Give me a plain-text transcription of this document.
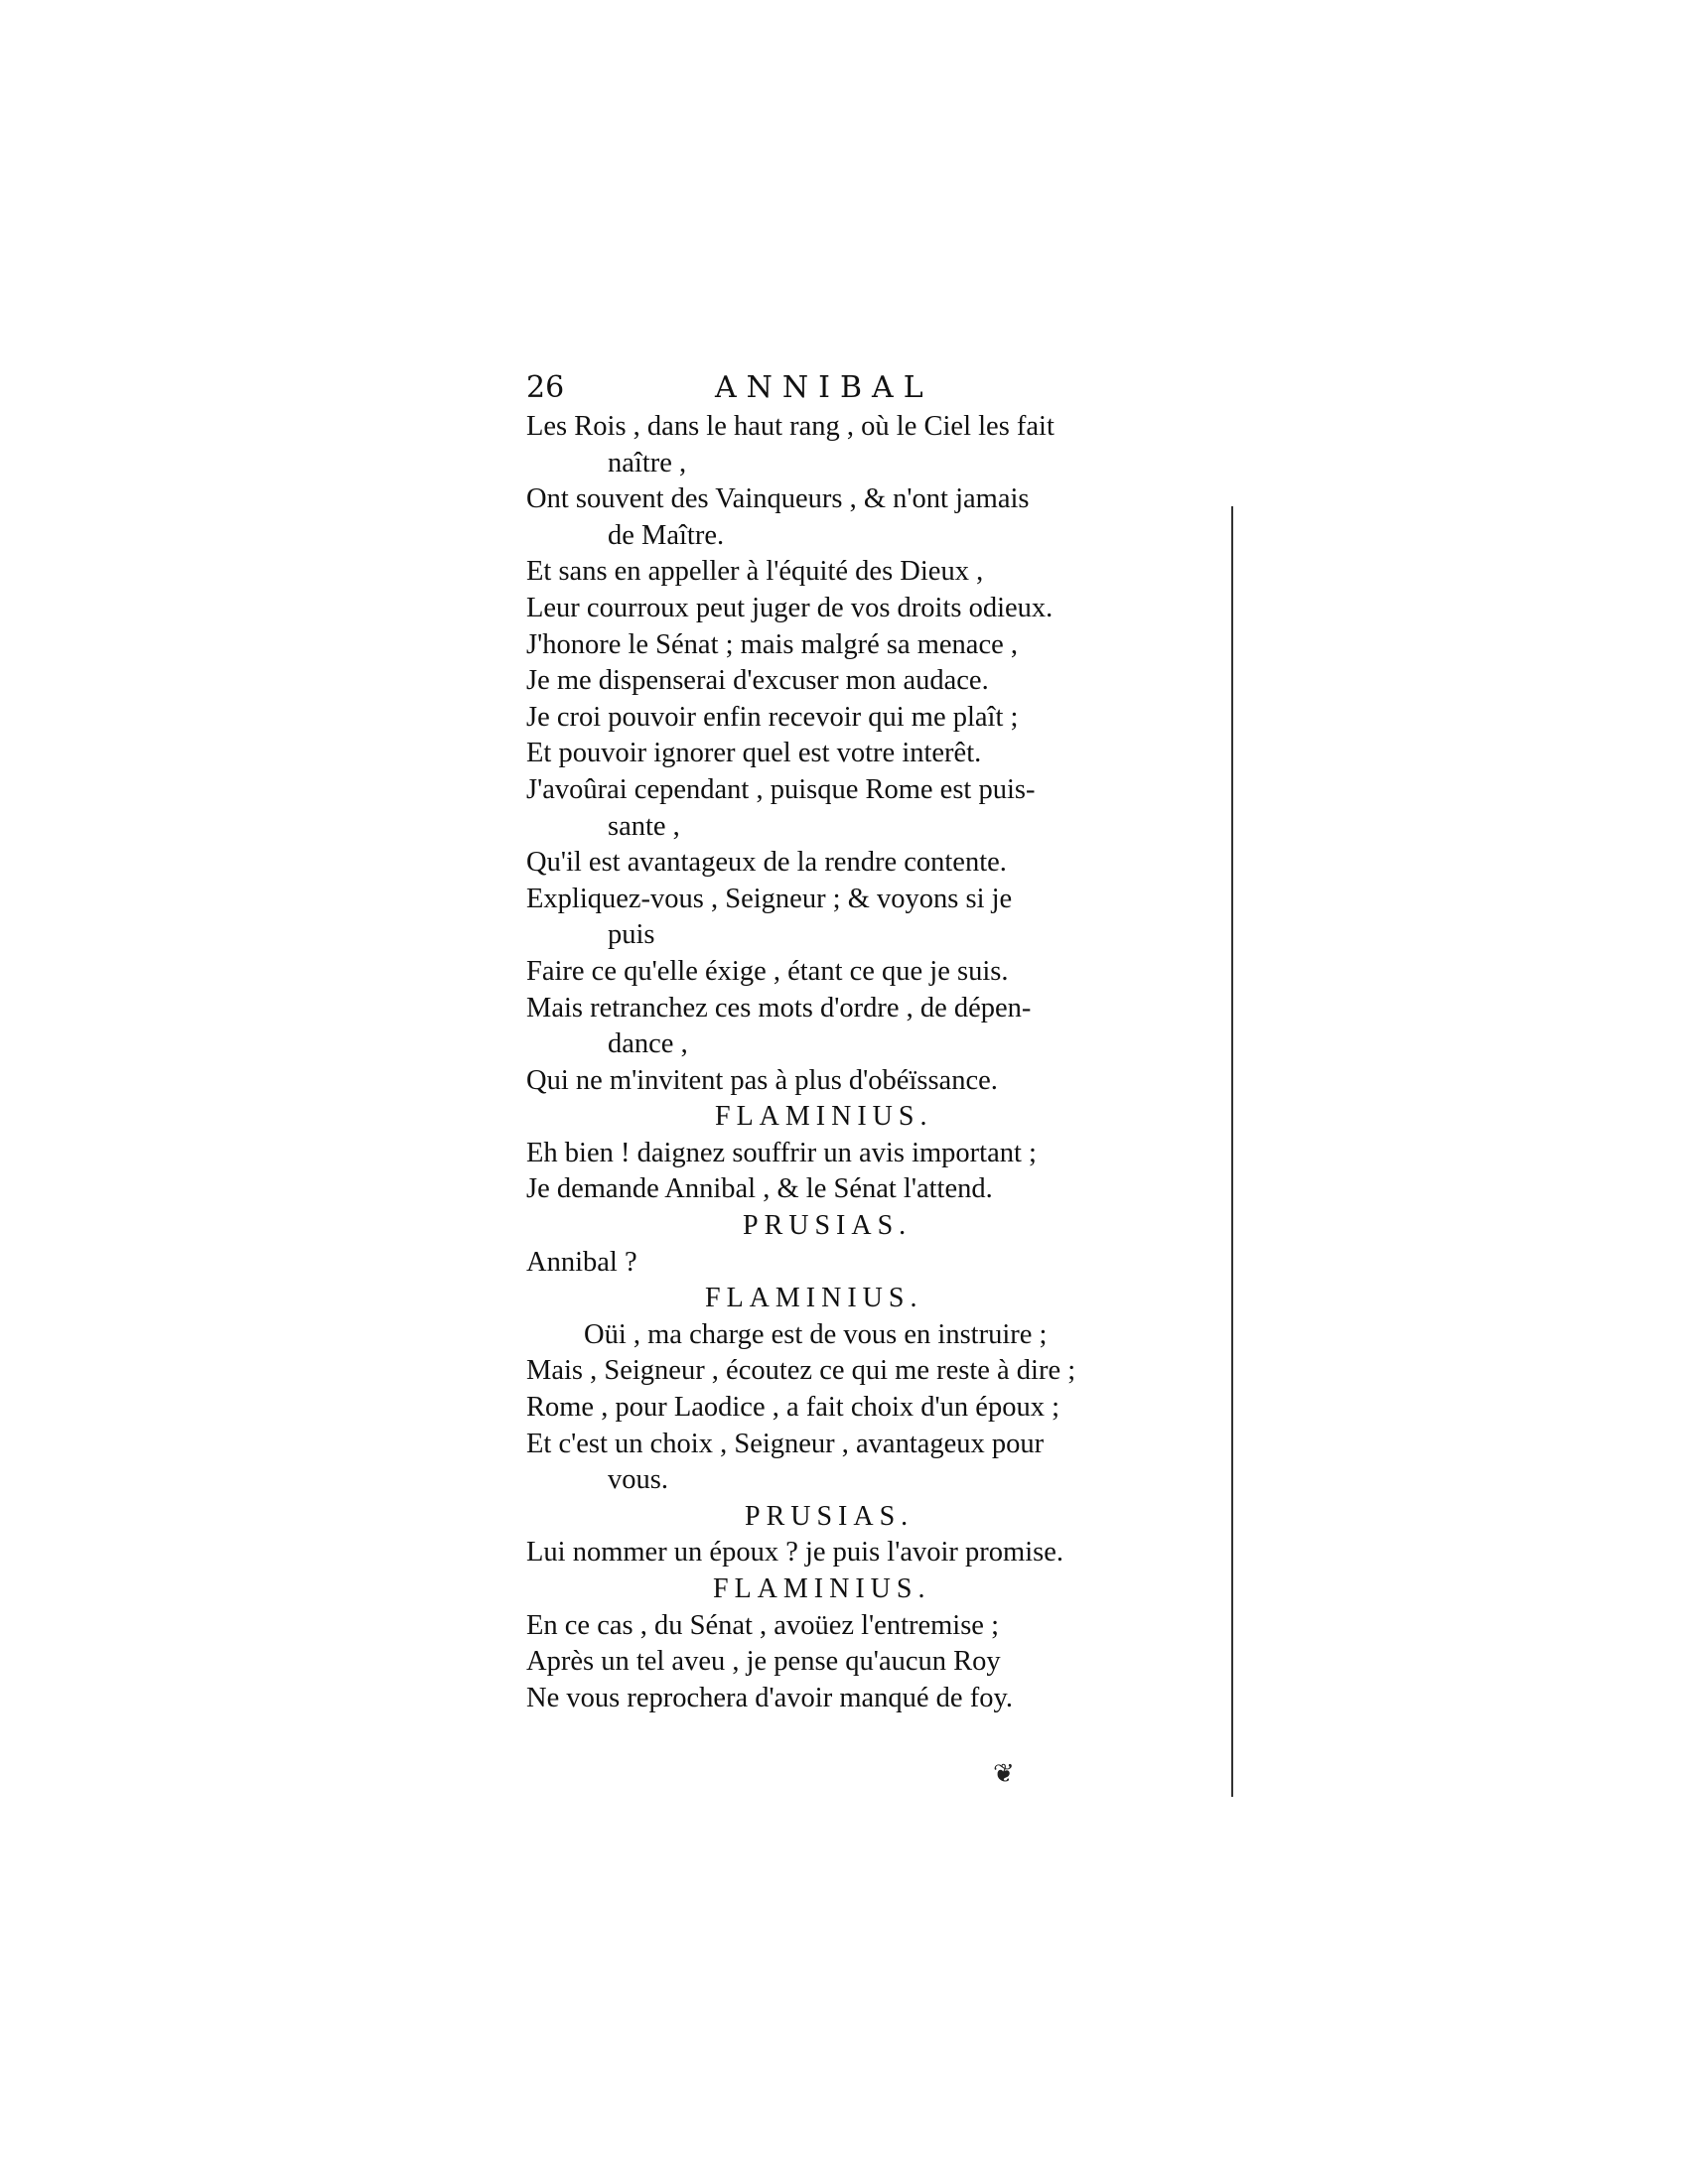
26	ANNIBAL
Les Rois , dans le haut rang , où le Ciel les fait
naître ,
Ont souvent des Vainqueurs , & n'ont jamais
de Maître.
Et sans en appeller à l'équité des Dieux ,
Leur courroux peut juger de vos droits odieux.
J'honore le Sénat ; mais malgré sa menace ,
Je me dispenserai d'excuser mon audace.
Je croi pouvoir enfin recevoir qui me plaît ;
Et pouvoir ignorer quel est votre interêt.
J'avoûrai cependant , puisque Rome est puis-
sante ,
Qu'il est avantageux de la rendre contente.
Expliquez-vous , Seigneur ; & voyons si je
puis
Faire ce qu'elle éxige , étant ce que je suis.
Mais retranchez ces mots d'ordre , de dépen-
dance ,
Qui ne m'invitent pas à plus d'obéïssance.
FLAMINIUS.
Eh bien ! daignez souffrir un avis important ;
Je demande Annibal , & le Sénat l'attend.
PRUSIAS.
Annibal ?
FLAMINIUS.
Oüi , ma charge est de vous en instruire ;
Mais , Seigneur , écoutez ce qui me reste à dire ;
Rome , pour Laodice , a fait choix d'un époux ;
Et c'est un choix , Seigneur , avantageux pour
vous.
PRUSIAS.
Lui nommer un époux ? je puis l'avoir promise.
FLAMINIUS.
En ce cas , du Sénat , avoüez l'entremise ;
Après un tel aveu , je pense qu'aucun Roy
Ne vous reprochera d'avoir manqué de foy.
❦
